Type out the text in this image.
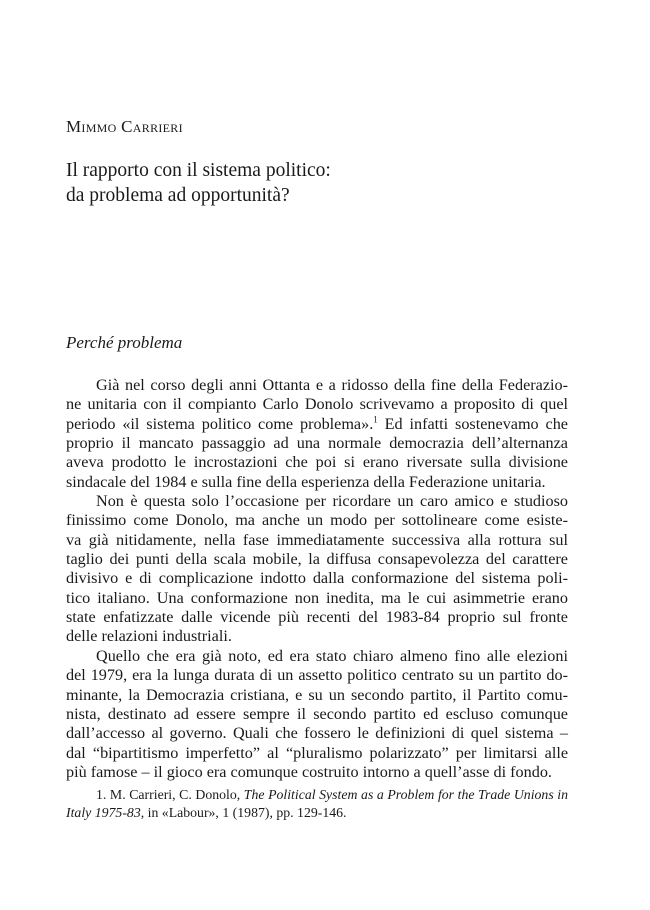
Mimmo Carrieri

Il rapporto con il sistema politico:
da problema ad opportunità?

Perché problema

Già nel corso degli anni Ottanta e a ridosso della fine della Federazio-
ne unitaria con il compianto Carlo Donolo scrivevamo a proposito di quel
periodo «il sistema politico come problema».$^1$ Ed infatti sostenevamo che
proprio il mancato passaggio ad una normale democrazia dell’alternanza
aveva prodotto le incrostazioni che poi si erano riversate sulla divisione
sindacale del 1984 e sulla fine della esperienza della Federazione unitaria.
Non è questa solo l’occasione per ricordare un caro amico e studioso
finissimo come Donolo, ma anche un modo per sottolineare come esiste-
va già nitidamente, nella fase immediatamente successiva alla rottura sul
taglio dei punti della scala mobile, la diffusa consapevolezza del carattere
divisivo e di complicazione indotto dalla conformazione del sistema poli-
tico italiano. Una conformazione non inedita, ma le cui asimmetrie erano
state enfatizzate dalle vicende più recenti del 1983-84 proprio sul fronte
delle relazioni industriali.
Quello che era già noto, ed era stato chiaro almeno fino alle elezioni
del 1979, era la lunga durata di un assetto politico centrato su un partito do-
minante, la Democrazia cristiana, e su un secondo partito, il Partito comu-
nista, destinato ad essere sempre il secondo partito ed escluso comunque
dall’accesso al governo. Quali che fossero le definizioni di quel sistema –
dal “bipartitismo imperfetto” al “pluralismo polarizzato” per limitarsi alle
più famose – il gioco era comunque costruito intorno a quell’asse di fondo.
1. M. Carrieri, C. Donolo, The Political System as a Problem for the Trade Unions in
Italy 1975-83, in «Labour», 1 (1987), pp. 129-146.
